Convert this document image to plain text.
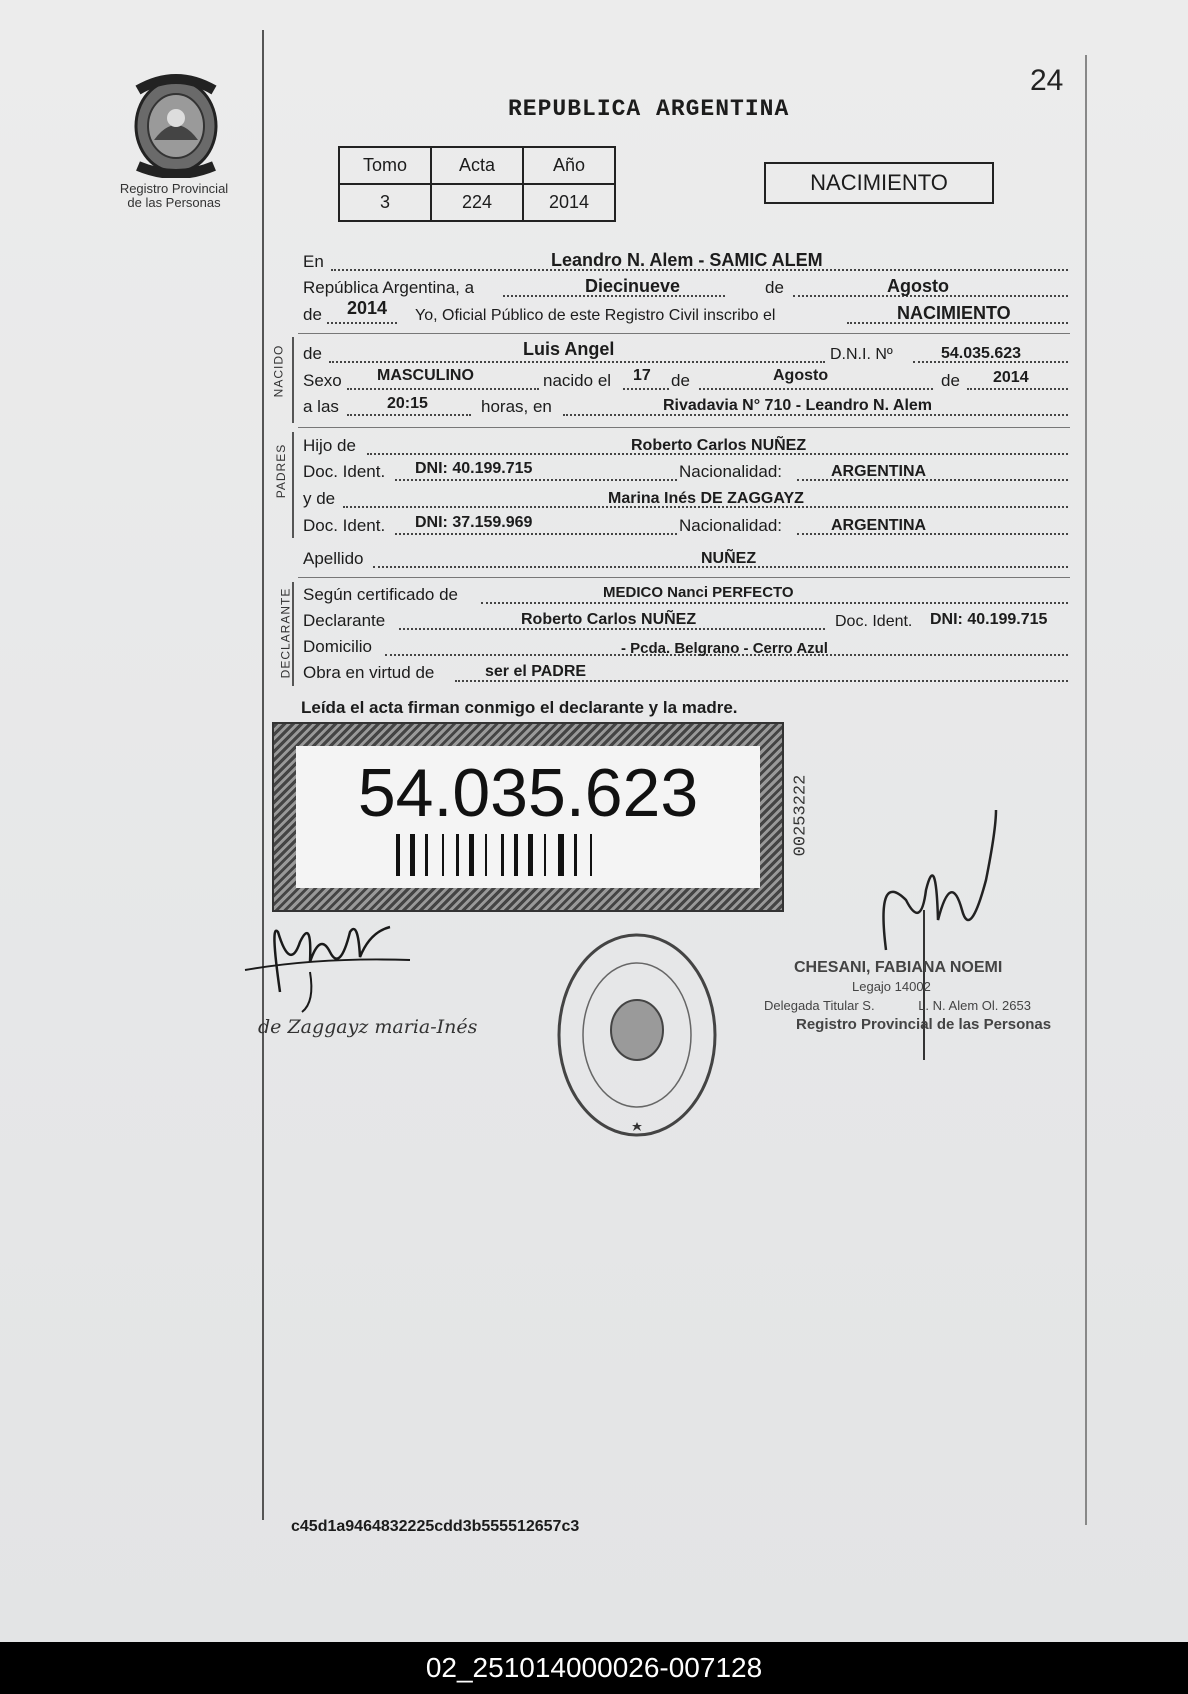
Registro Provincial
de las Personas
24
REPUBLICA ARGENTINA
Tomo	Acta	Año
3	224	2014
NACIMIENTO
En	Leandro N. Alem - SAMIC ALEM
República Argentina, a	Diecinueve	de	Agosto
de 2014 Yo, Oficial Público de este Registro Civil inscribo el	NACIMIENTO
NACIDO de	Luis Angel	D.N.I. Nº	54.035.623
Sexo MASCULINO	nacido el 17 de	Agosto	de 2014
a las	20:15	horas, en	Rivadavia N° 710 - Leandro N. Alem
PADRES Hijo de	Roberto Carlos NUÑEZ
Doc. Ident. DNI: 40.199.715	Nacionalidad:	ARGENTINA
y de	Marina Inés DE ZAGGAYZ
Doc. Ident. DNI: 37.159.969	Nacionalidad:	ARGENTINA
Apellido	NUÑEZ
DECLARANTE Según certificado de	MEDICO Nanci PERFECTO
Declarante	Roberto Carlos NUÑEZ	Doc. Ident. DNI: 40.199.715
Domicilio	- Pcda. Belgrano - Cerro Azul
Obra en virtud de	ser el PADRE
Leída el acta firman conmigo el declarante y la madre.
54.035.623	00253222
de Zaggayz maria-Inés
CHESANI, FABIANA NOEMI
Legajo 14002
Delegada Titular S.	L. N. Alem Ol. 2653
Registro Provincial de las Personas
c45d1a9464832225cdd3b555512657c3
02_251014000026-007128
